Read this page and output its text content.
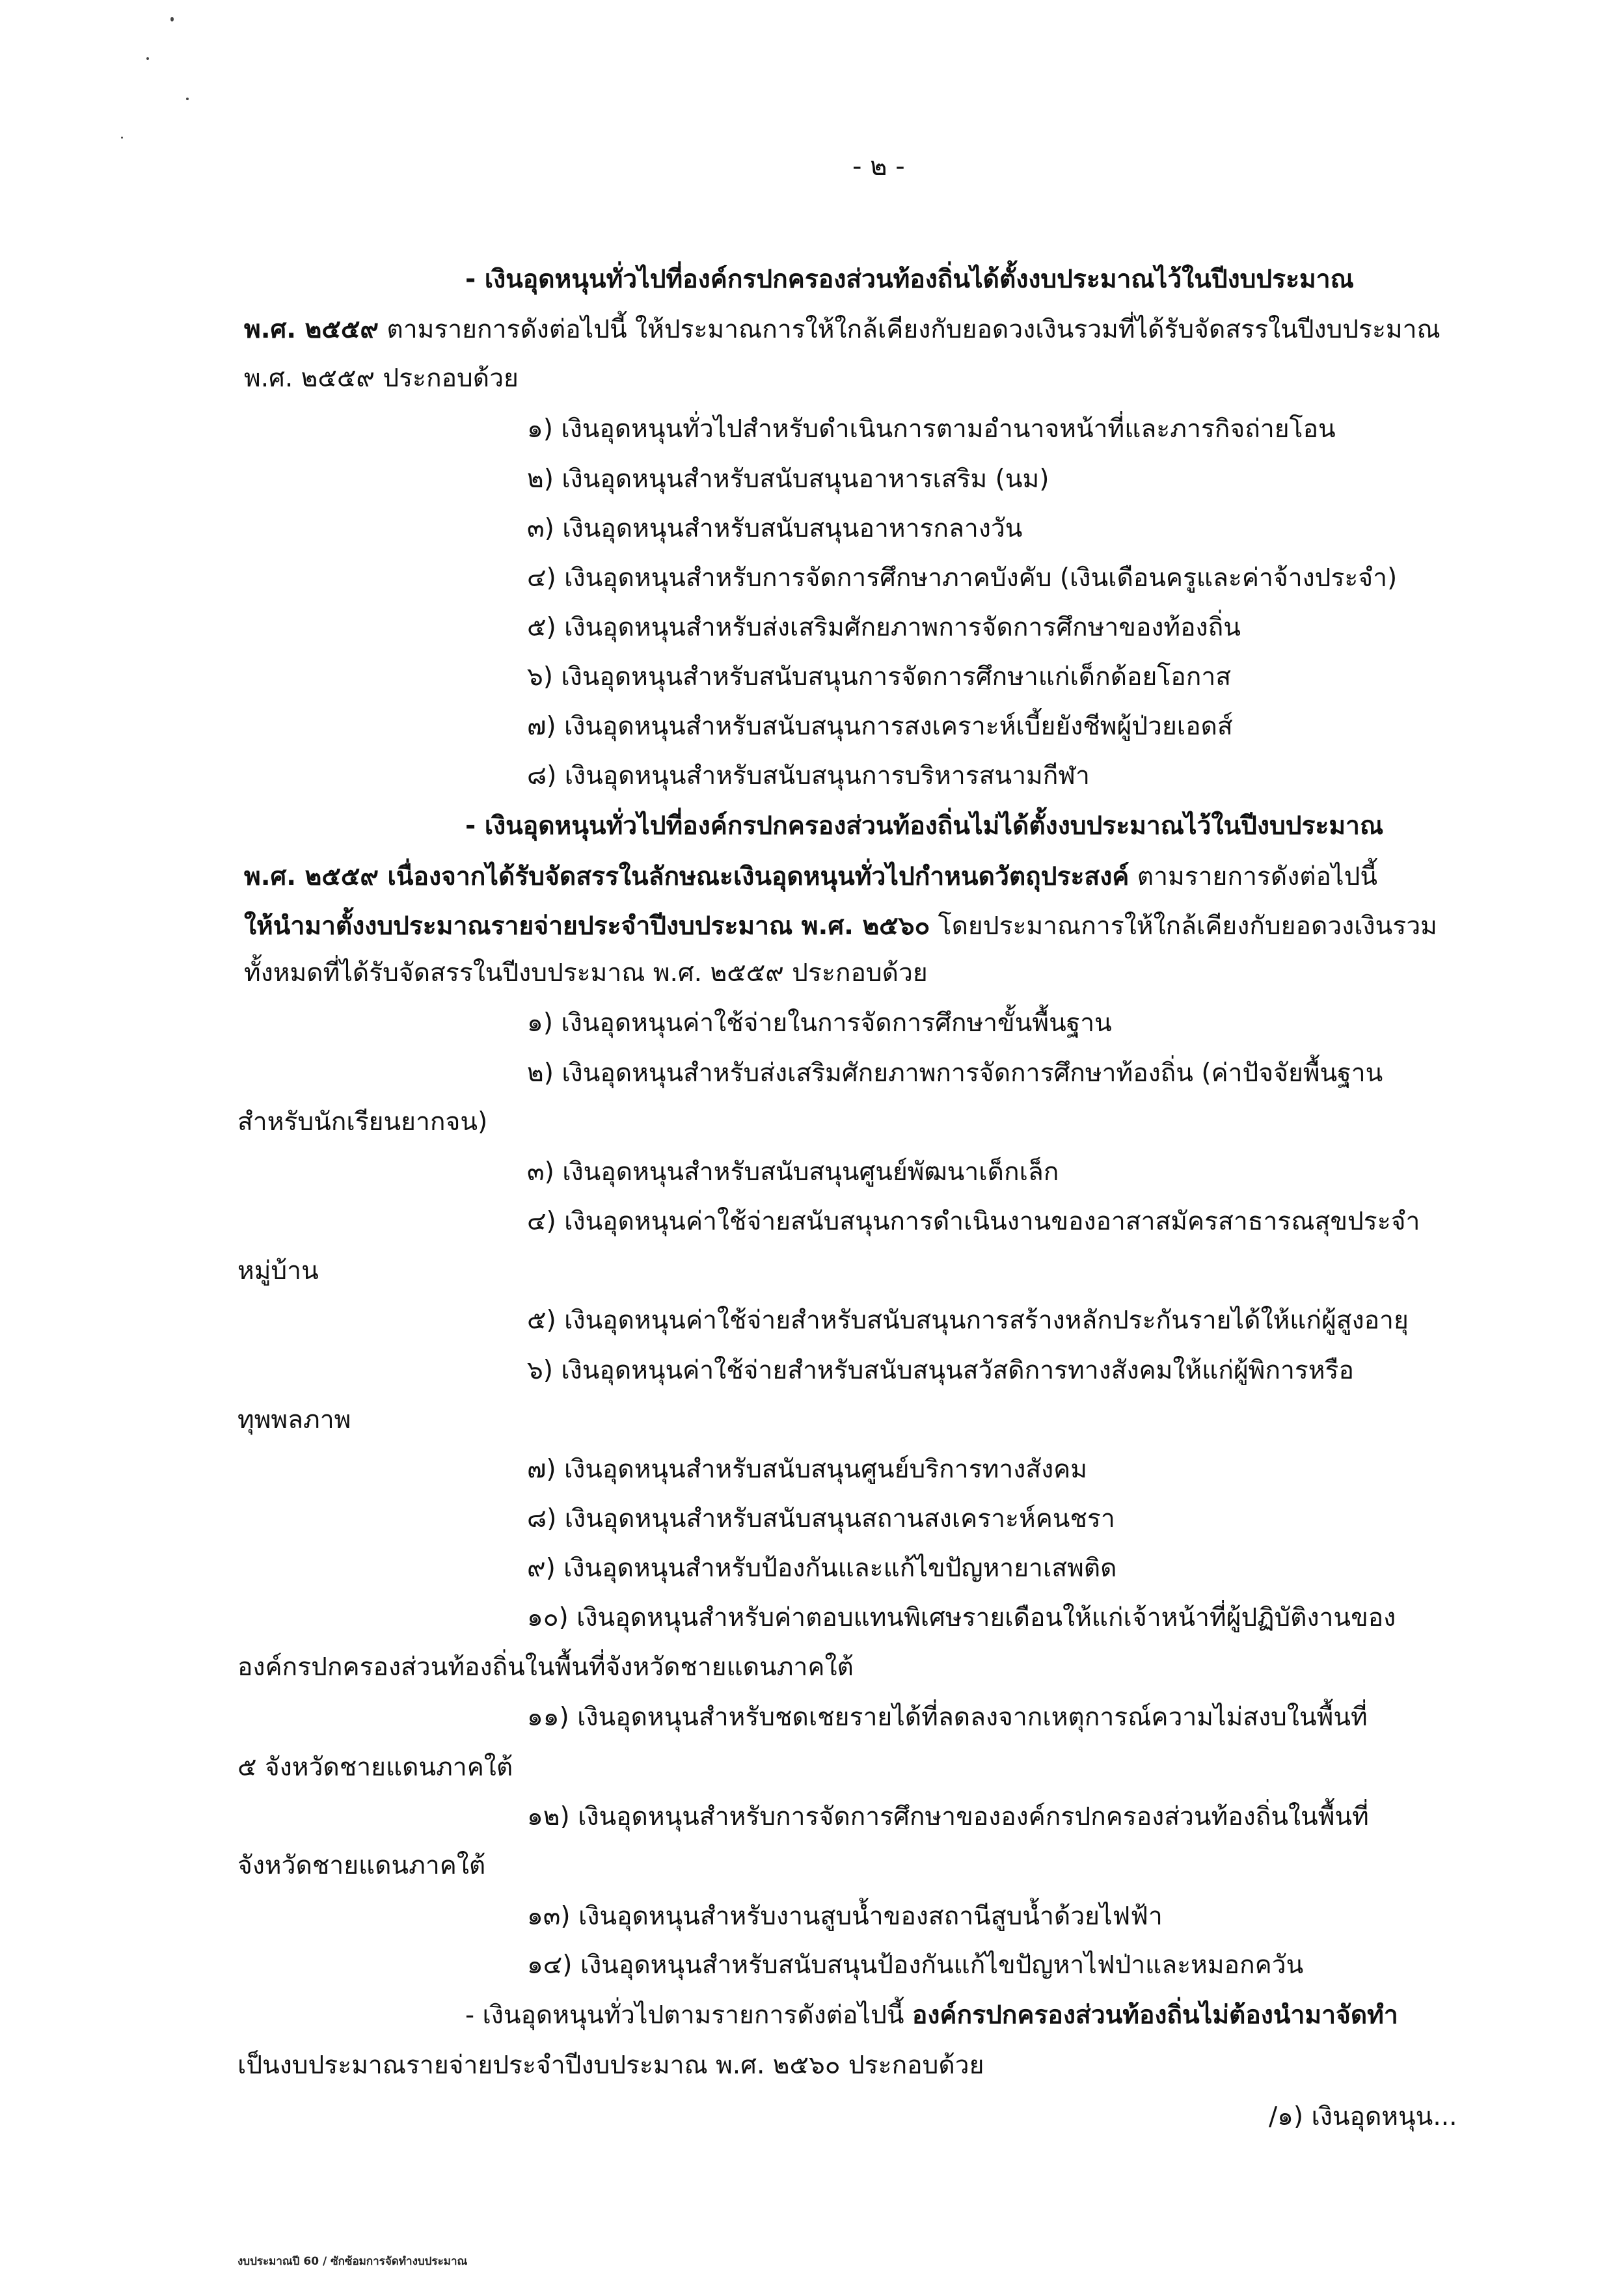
- ๒ -
- เงินอุดหนุนทั่วไปที่องค์กรปกครองส่วนท้องถิ่นได้ตั้งงบประมาณไว้ในปีงบประมาณ
พ.ศ. ๒๕๕๙ ตามรายการดังต่อไปนี้ ให้ประมาณการให้ใกล้เคียงกับยอดวงเงินรวมที่ได้รับจัดสรรในปีงบประมาณ
พ.ศ. ๒๕๕๙ ประกอบด้วย
๑) เงินอุดหนุนทั่วไปสำหรับดำเนินการตามอำนาจหน้าที่และภารกิจถ่ายโอน
๒) เงินอุดหนุนสำหรับสนับสนุนอาหารเสริม (นม)
๓) เงินอุดหนุนสำหรับสนับสนุนอาหารกลางวัน
๔) เงินอุดหนุนสำหรับการจัดการศึกษาภาคบังคับ (เงินเดือนครูและค่าจ้างประจำ)
๕) เงินอุดหนุนสำหรับส่งเสริมศักยภาพการจัดการศึกษาของท้องถิ่น
๖) เงินอุดหนุนสำหรับสนับสนุนการจัดการศึกษาแก่เด็กด้อยโอกาส
๗) เงินอุดหนุนสำหรับสนับสนุนการสงเคราะห์เบี้ยยังชีพผู้ป่วยเอดส์
๘) เงินอุดหนุนสำหรับสนับสนุนการบริหารสนามกีฬา
- เงินอุดหนุนทั่วไปที่องค์กรปกครองส่วนท้องถิ่นไม่ได้ตั้งงบประมาณไว้ในปีงบประมาณ
พ.ศ. ๒๕๕๙ เนื่องจากได้รับจัดสรรในลักษณะเงินอุดหนุนทั่วไปกำหนดวัตถุประสงค์ ตามรายการดังต่อไปนี้
ให้นำมาตั้งงบประมาณรายจ่ายประจำปีงบประมาณ พ.ศ. ๒๕๖๐ โดยประมาณการให้ใกล้เคียงกับยอดวงเงินรวม
ทั้งหมดที่ได้รับจัดสรรในปีงบประมาณ พ.ศ. ๒๕๕๙ ประกอบด้วย
๑) เงินอุดหนุนค่าใช้จ่ายในการจัดการศึกษาขั้นพื้นฐาน
๒) เงินอุดหนุนสำหรับส่งเสริมศักยภาพการจัดการศึกษาท้องถิ่น (ค่าปัจจัยพื้นฐาน
สำหรับนักเรียนยากจน)
๓) เงินอุดหนุนสำหรับสนับสนุนศูนย์พัฒนาเด็กเล็ก
๔) เงินอุดหนุนค่าใช้จ่ายสนับสนุนการดำเนินงานของอาสาสมัครสาธารณสุขประจำ
หมู่บ้าน
๕) เงินอุดหนุนค่าใช้จ่ายสำหรับสนับสนุนการสร้างหลักประกันรายได้ให้แก่ผู้สูงอายุ
๖) เงินอุดหนุนค่าใช้จ่ายสำหรับสนับสนุนสวัสดิการทางสังคมให้แก่ผู้พิการหรือ
ทุพพลภาพ
๗) เงินอุดหนุนสำหรับสนับสนุนศูนย์บริการทางสังคม
๘) เงินอุดหนุนสำหรับสนับสนุนสถานสงเคราะห์คนชรา
๙) เงินอุดหนุนสำหรับป้องกันและแก้ไขปัญหายาเสพติด
๑๐) เงินอุดหนุนสำหรับค่าตอบแทนพิเศษรายเดือนให้แก่เจ้าหน้าที่ผู้ปฏิบัติงานของ
องค์กรปกครองส่วนท้องถิ่นในพื้นที่จังหวัดชายแดนภาคใต้
๑๑) เงินอุดหนุนสำหรับชดเชยรายได้ที่ลดลงจากเหตุการณ์ความไม่สงบในพื้นที่
๕ จังหวัดชายแดนภาคใต้
๑๒) เงินอุดหนุนสำหรับการจัดการศึกษาขององค์กรปกครองส่วนท้องถิ่นในพื้นที่
จังหวัดชายแดนภาคใต้
๑๓) เงินอุดหนุนสำหรับงานสูบน้ำของสถานีสูบน้ำด้วยไฟฟ้า
๑๔) เงินอุดหนุนสำหรับสนับสนุนป้องกันแก้ไขปัญหาไฟป่าและหมอกควัน
- เงินอุดหนุนทั่วไปตามรายการดังต่อไปนี้ องค์กรปกครองส่วนท้องถิ่นไม่ต้องนำมาจัดทำ
เป็นงบประมาณรายจ่ายประจำปีงบประมาณ พ.ศ. ๒๕๖๐ ประกอบด้วย
/๑) เงินอุดหนุน...
งบประมาณปี 60 / ซักซ้อมการจัดทำงบประมาณ
